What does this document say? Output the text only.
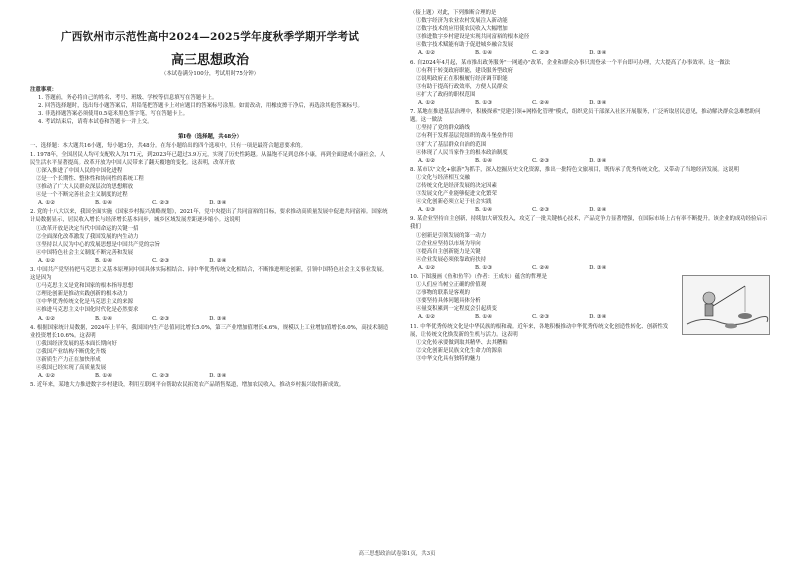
广西钦州市示范性高中2024—2025学年度秋季学期开学考试
高三思想政治
（本试卷满分100分，考试用时75分钟）
注意事项：
1. 答题前，务必将自己的姓名、考号、班级、学校等信息填写在答题卡上。
2. 回答选择题时，选出每小题答案后，用铅笔把答题卡上对应题目的答案标号涂黑。如需改动，用橡皮擦干净后，再选涂其他答案标号。
3. 非选择题答案必须使用0.5毫米黑色签字笔，写在答题卡上。
4. 考试结束后，请将本试卷和答题卡一并上交。
第Ⅰ卷（选择题，共48分）
一、选择题：本大题共16小题，每小题3分，共48分。在每小题给出的四个选项中，只有一项是最符合题意要求的。
1. 1978年，全国居民人均可支配收入为171元，到2023年已超过3.9万元，实现了历史性跨越。从温饱不足到总体小康，再到全面建成小康社会，人民生活水平显著提高。改革开放为中国人民带来了翻天覆地的变化。这表明，改革开放
①深入推进了中国人民的中国化进程
②是一个长期性、整体性和协同性的系统工程
③推动了广大人民群众深层次的思想解放
④是一个不断完善社会主义制度的过程
A. ①②	B. ①④	C. ②③	D. ③④
2. 党的十八大以来，我国全面实施《国家乡村振兴战略规划》，2021年，党中央提出了共同富裕的目标，要求推动高质量发展中促进共同富裕。国家统计局数据显示，居民收入增长与经济增长基本同步，城乡区域发展差距逐步缩小。这说明
①改革开放是决定当代中国命运的关键一招
②全面深化改革激发了我国发展的内生动力
③坚持以人民为中心的发展思想是中国共产党的宗旨
④中国特色社会主义制度不断完善和发展
A. ①②	B. ①④	C. ②③	D. ②④
3. 中国共产党坚持把马克思主义基本原理同中国具体实际相结合、同中华优秀传统文化相结合，不断推进理论创新，引领中国特色社会主义事业发展。这是因为
①马克思主义是党和国家的根本指导思想
②理论创新是推动实践创新的根本动力
③中华优秀传统文化是马克思主义的来源
④推进马克思主义中国化时代化是必然要求
A. ①②	B. ①④	C. ②③	D. ③④
4. 根据国家统计局数据，2024年上半年，我国国内生产总值同比增长5.0%，第三产业增加值增长4.6%，规模以上工业增加值增长6.0%，高技术制造业投资增长10.6%。这表明
①我国经济发展的基本面长期向好
②我国产业结构不断优化升级
③新质生产力正在加快形成
④我国已经实现了高质量发展
A. ①②	B. ①④	C. ②③	D. ③④
5. 近年来，某地大力推进数字乡村建设，利用互联网平台帮助农民拓宽农产品销售渠道，增加农民收入，推动乡村振兴取得新成效。
（接上题）对此，下列推断合理的是
①数字经济为农业农村发展注入新动能
②数字技术的应用使农民收入大幅增加
③推进数字乡村建设是实现共同富裕的根本途径
④数字技术赋能有助于促进城乡融合发展
A. ①②	B. ①④	C. ②③	D. ③④
6. 自2024年4月起，某市推出政务服务"一网通办"改革，企业和群众办事只需登录一个平台即可办理，大大提高了办事效率。这一做法
①有利于转变政府职能，建设服务型政府
②说明政府正在积极履行经济调节职能
③有助于提高行政效率，方便人民群众
④扩大了政府的职权范围
A. ①②	B. ①③	C. ②④	D. ③④
7. 某地在推进基层治理中，积极探索"党建引领+网格化管理"模式，组织党员干部深入社区开展服务，广泛听取居民意见，推动解决群众急难愁盼问题。这一做法
①坚持了党的群众路线
②有利于发挥基层党组织的战斗堡垒作用
③扩大了基层群众自治的范围
④体现了人民当家作主的根本政治制度
A. ①②	B. ①④	C. ②③	D. ③④
8. 某市以"文化+旅游"为抓手，深入挖掘历史文化资源，推出一批特色文旅项目，既传承了优秀传统文化，又带动了当地经济发展。这说明
①文化与经济相互交融
②传统文化是经济发展的决定因素
③发展文化产业能够促进文化繁荣
④文化创新必须立足于社会实践
A. ①③	B. ①④	C. ②③	D. ②④
9. 某企业坚持自主创新，持续加大研发投入，攻克了一批关键核心技术，产品竞争力显著增强，在国际市场上占有率不断提升。该企业的成功经验启示我们
①创新是引领发展的第一动力
②企业应坚持以市场为导向
③提高自主创新能力是关键
④企业发展必须依靠政府扶持
A. ①②	B. ①③	C. ②④	D. ③④
10. 下图漫画《鱼和鱼竿》（作者：王成东）蕴含的哲理是
①人们应当树立正确的价值观
②事物的联系是客观的
③要坚持具体问题具体分析
④量变积累到一定程度会引起质变
A. ①②	B. ①④	C. ②③	D. ③④
11. 中华优秀传统文化是中华民族的根和魂。近年来，各地积极推动中华优秀传统文化创造性转化、创新性发展，让传统文化焕发新的生机与活力。这表明
①文化传承要做到取其精华、去其糟粕
②文化创新是民族文化生命力的源泉
③中华文化具有独特的魅力
高三思想政治试卷第1页，共3页
